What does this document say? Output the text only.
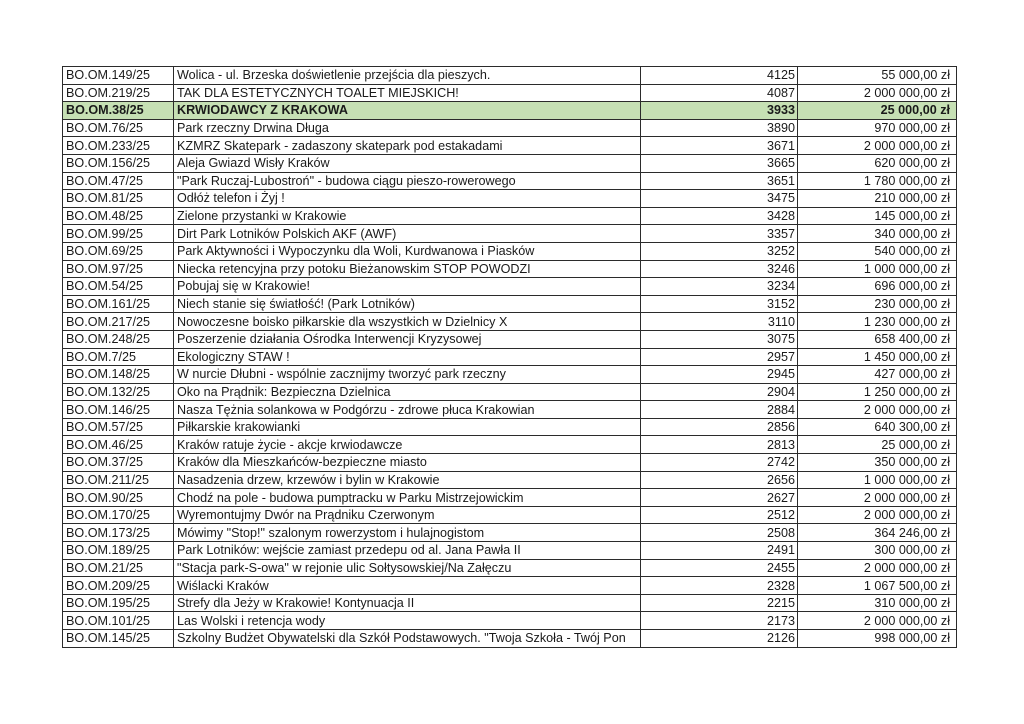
BO.OM.149/25	Wolica - ul. Brzeska doświetlenie przejścia dla pieszych.	4125	55 000,00 zł
BO.OM.219/25	TAK DLA ESTETYCZNYCH TOALET MIEJSKICH!	4087	2 000 000,00 zł
BO.OM.38/25	KRWIODAWCY Z KRAKOWA	3933	25 000,00 zł
BO.OM.76/25	Park rzeczny Drwina Długa	3890	970 000,00 zł
BO.OM.233/25	KZMRZ Skatepark - zadaszony skatepark pod estakadami	3671	2 000 000,00 zł
BO.OM.156/25	Aleja Gwiazd Wisły Kraków	3665	620 000,00 zł
BO.OM.47/25	"Park Ruczaj-Lubostroń" - budowa ciągu pieszo-rowerowego	3651	1 780 000,00 zł
BO.OM.81/25	Odłóż telefon i Żyj !	3475	210 000,00 zł
BO.OM.48/25	Zielone przystanki w Krakowie	3428	145 000,00 zł
BO.OM.99/25	Dirt Park Lotników Polskich AKF (AWF)	3357	340 000,00 zł
BO.OM.69/25	Park Aktywności i Wypoczynku dla Woli, Kurdwanowa i Piasków	3252	540 000,00 zł
BO.OM.97/25	Niecka retencyjna przy potoku Bieżanowskim STOP POWODZI	3246	1 000 000,00 zł
BO.OM.54/25	Pobujaj się w Krakowie!	3234	696 000,00 zł
BO.OM.161/25	Niech stanie się światłość! (Park Lotników)	3152	230 000,00 zł
BO.OM.217/25	Nowoczesne boisko piłkarskie dla wszystkich w Dzielnicy X	3110	1 230 000,00 zł
BO.OM.248/25	Poszerzenie działania Ośrodka Interwencji Kryzysowej	3075	658 400,00 zł
BO.OM.7/25	Ekologiczny STAW !	2957	1 450 000,00 zł
BO.OM.148/25	W nurcie Dłubni - wspólnie zacznijmy tworzyć park rzeczny	2945	427 000,00 zł
BO.OM.132/25	Oko na Prądnik: Bezpieczna Dzielnica	2904	1 250 000,00 zł
BO.OM.146/25	Nasza Tężnia solankowa w Podgórzu - zdrowe płuca Krakowian	2884	2 000 000,00 zł
BO.OM.57/25	Piłkarskie krakowianki	2856	640 300,00 zł
BO.OM.46/25	Kraków ratuje życie - akcje krwiodawcze	2813	25 000,00 zł
BO.OM.37/25	Kraków dla Mieszkańców-bezpieczne miasto	2742	350 000,00 zł
BO.OM.211/25	Nasadzenia drzew, krzewów i bylin w Krakowie	2656	1 000 000,00 zł
BO.OM.90/25	Chodź na pole - budowa pumptracku w Parku Mistrzejowickim	2627	2 000 000,00 zł
BO.OM.170/25	Wyremontujmy Dwór na Prądniku Czerwonym	2512	2 000 000,00 zł
BO.OM.173/25	Mówimy "Stop!" szalonym rowerzystom i hulajnogistom	2508	364 246,00 zł
BO.OM.189/25	Park Lotników: wejście zamiast przedepu od al. Jana Pawła II	2491	300 000,00 zł
BO.OM.21/25	"Stacja park-S-owa" w rejonie ulic Sołtysowskiej/Na Załęczu	2455	2 000 000,00 zł
BO.OM.209/25	Wiślacki Kraków	2328	1 067 500,00 zł
BO.OM.195/25	Strefy dla Jeży w Krakowie! Kontynuacja II	2215	310 000,00 zł
BO.OM.101/25	Las Wolski i retencja wody	2173	2 000 000,00 zł
BO.OM.145/25	Szkolny Budżet Obywatelski dla Szkół Podstawowych. "Twoja Szkoła - Twój Pon	2126	998 000,00 zł
